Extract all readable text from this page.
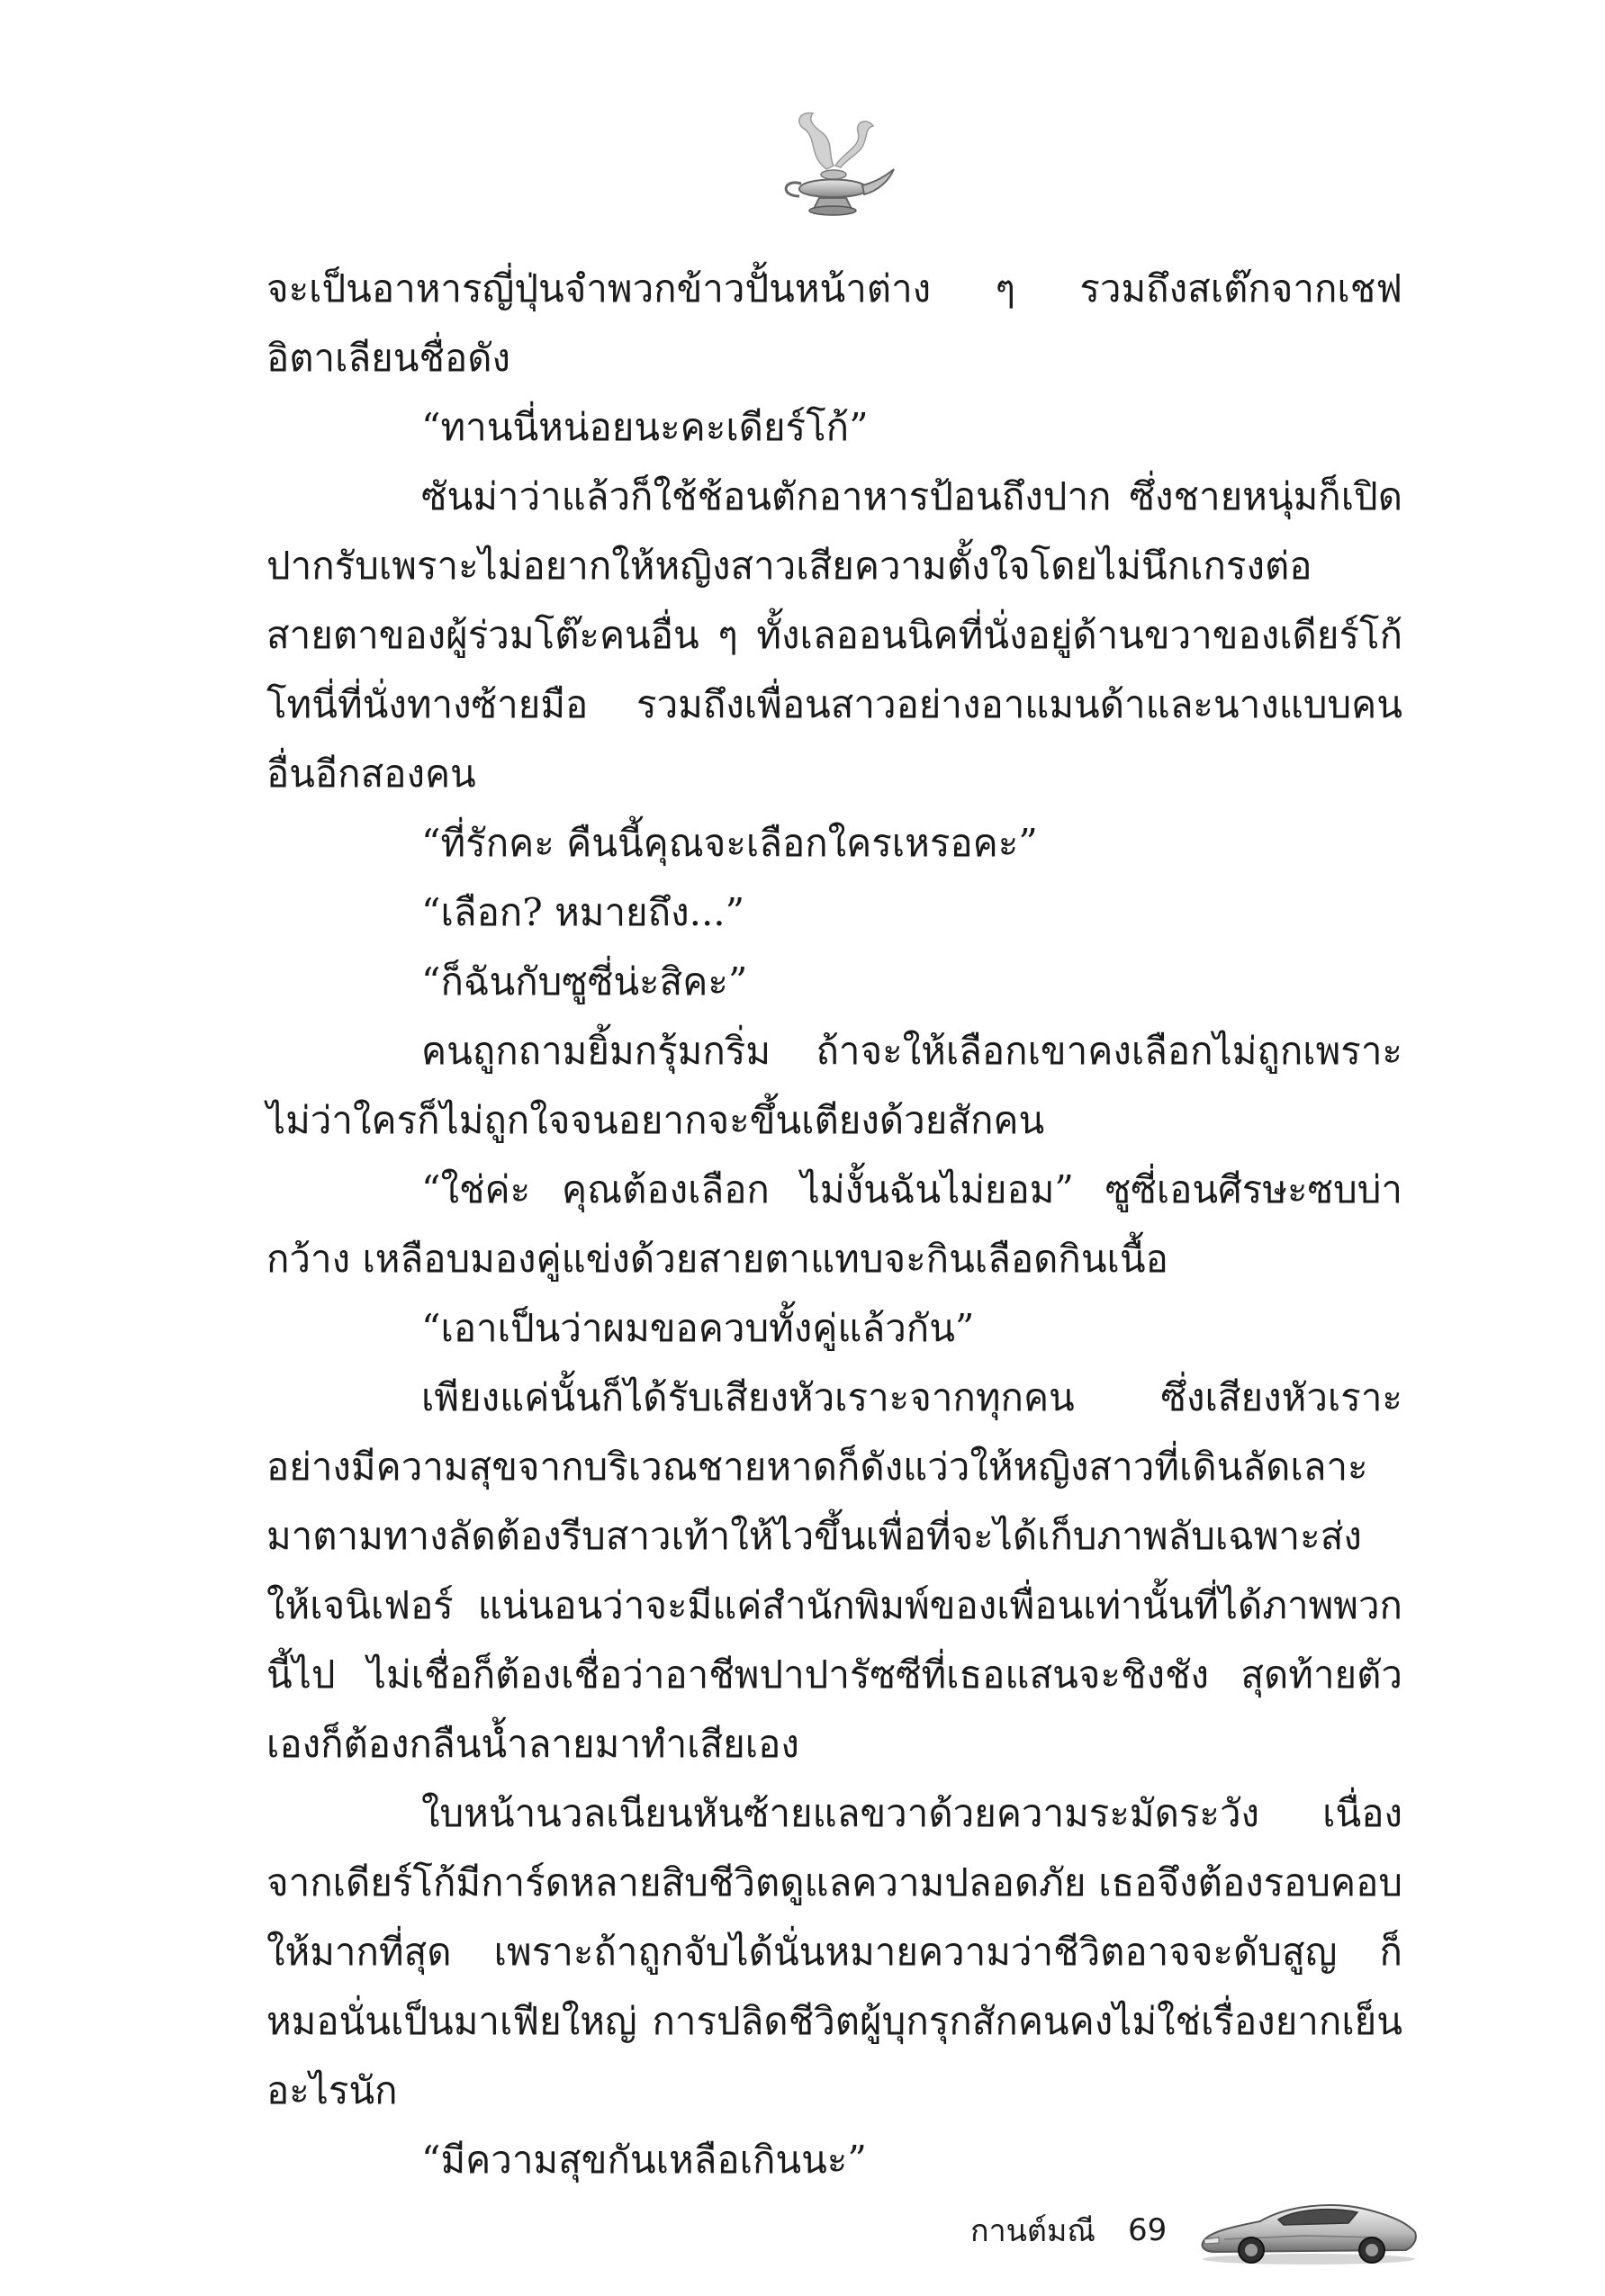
จะเป็นอาหารญี่ปุ่นจำพวกข้าวปั้นหน้าต่าง ๆ รวมถึงสเต๊กจากเชฟอิตาเลียนชื่อดัง

“ทานนี่หน่อยนะคะเดียร์โก้”

ซันม่าว่าแล้วก็ใช้ช้อนตักอาหารป้อนถึงปาก ซึ่งชายหนุ่มก็เปิดปากรับเพราะไม่อยากให้หญิงสาวเสียความตั้งใจโดยไม่นึกเกรงต่อสายตาของผู้ร่วมโต๊ะคนอื่น ๆ ทั้งเลออนนิคที่นั่งอยู่ด้านขวาของเดียร์โก้ โทนี่ที่นั่งทางซ้ายมือ รวมถึงเพื่อนสาวอย่างอาแมนด้าและนางแบบคนอื่นอีกสองคน

“ที่รักคะ คืนนี้คุณจะเลือกใครเหรอคะ”

“เลือก? หมายถึง...”

“ก็ฉันกับซูซี่น่ะสิคะ”

คนถูกถามยิ้มกรุ้มกริ่ม ถ้าจะให้เลือกเขาคงเลือกไม่ถูกเพราะไม่ว่าใครก็ไม่ถูกใจจนอยากจะขึ้นเตียงด้วยสักคน

“ใช่ค่ะ คุณต้องเลือก ไม่งั้นฉันไม่ยอม” ซูซี่เอนศีรษะซบบ่ากว้าง เหลือบมองคู่แข่งด้วยสายตาแทบจะกินเลือดกินเนื้อ

“เอาเป็นว่าผมขอควบทั้งคู่แล้วกัน”

เพียงแค่นั้นก็ได้รับเสียงหัวเราะจากทุกคน ซึ่งเสียงหัวเราะอย่างมีความสุขจากบริเวณชายหาดก็ดังแว่วให้หญิงสาวที่เดินลัดเลาะมาตามทางลัดต้องรีบสาวเท้าให้ไวขึ้นเพื่อที่จะได้เก็บภาพลับเฉพาะส่งให้เจนิเฟอร์ แน่นอนว่าจะมีแค่สำนักพิมพ์ของเพื่อนเท่านั้นที่ได้ภาพพวกนี้ไป ไม่เชื่อก็ต้องเชื่อว่าอาชีพปาปารัซซีที่เธอแสนจะชิงชัง สุดท้ายตัวเองก็ต้องกลืนน้ำลายมาทำเสียเอง

ใบหน้านวลเนียนหันซ้ายแลขวาด้วยความระมัดระวัง เนื่องจากเดียร์โก้มีการ์ดหลายสิบชีวิตดูแลความปลอดภัย เธอจึงต้องรอบคอบให้มากที่สุด เพราะถ้าถูกจับได้นั่นหมายความว่าชีวิตอาจจะดับสูญ ก็หมอนั่นเป็นมาเฟียใหญ่ การปลิดชีวิตผู้บุกรุกสักคนคงไม่ใช่เรื่องยากเย็นอะไรนัก

“มีความสุขกันเหลือเกินนะ”

กานต์มณี 69
